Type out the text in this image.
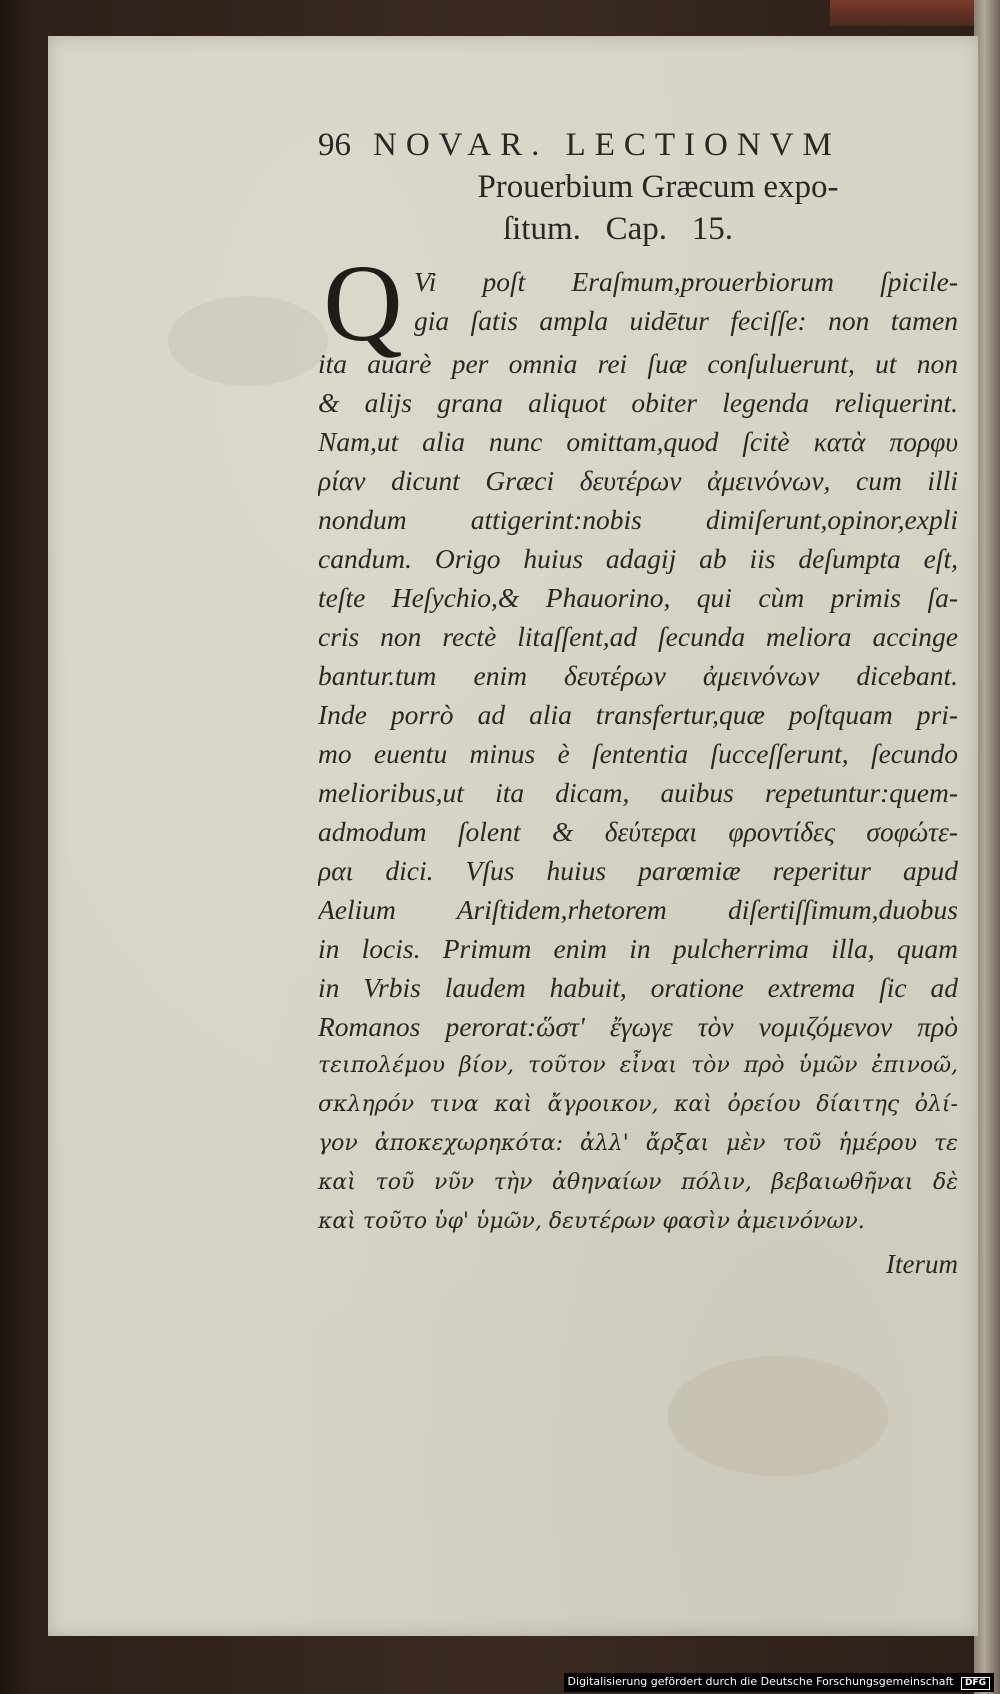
96 NOVAR. LECTIONVM
Prouerbium Græcum expo-
ſitum.   Cap.   15.
Q Vi poſt Eraſmum,prouerbiorum ſpicile-
gia ſatis ampla uidētur feciſſe: non tamen
ita auarè per omnia rei ſuæ conſuluerunt, ut non
& alijs grana aliquot obiter legenda reliquerint.
Nam,ut alia nunc omittam,quod ſcitè κατὰ πορφυ
ρίαν dicunt Græci δευτέρων ἀμεινόνων, cum illi
nondum attigerint:nobis dimiſerunt,opinor,expli
candum. Origo huius adagij ab iis deſumpta eſt,
teſte Heſychio,& Phauorino, qui cùm primis ſa-
cris non rectè litaſſent,ad ſecunda meliora accinge
bantur.tum enim δευτέρων ἀμεινόνων dicebant.
Inde porrò ad alia transfertur,quæ poſtquam pri-
mo euentu minus è ſententia ſucceſſerunt, ſecundo
melioribus,ut ita dicam, auibus repetuntur:quem-
admodum ſolent & δεύτεραι φροντίδες σοφώτε-
ραι dici. Vſus huius parœmiæ reperitur apud
Aelium Ariſtidem,rhetorem diſertiſſimum,duobus
in locis. Primum enim in pulcherrima illa, quam
in Vrbis laudem habuit, oratione extrema ſic ad
Romanos perorat:ὥστ' ἔγωγε τὸν νομιζόμενον πρὸ
τειπολέμου βίον, τοῦτον εἶναι τὸν πρὸ ὑμῶν ἐπινοῶ,
σκληρόν τινα καὶ ἄγροικον, καὶ ὀρείου δίαιτης ὀλί-
γον ἀποκεχωρηκότα: ἀλλ' ἄρξαι μὲν τοῦ ἡμέρου τε
καὶ τοῦ νῦν τὴν ἀθηναίων πόλιν, βεβαιωθῆναι δὲ
καὶ τοῦτο ὑφ' ὑμῶν, δευτέρων φασὶν ἀμεινόνων.
Iterum
Digitalisierung gefördert durch die Deutsche Forschungsgemeinschaft DFG
